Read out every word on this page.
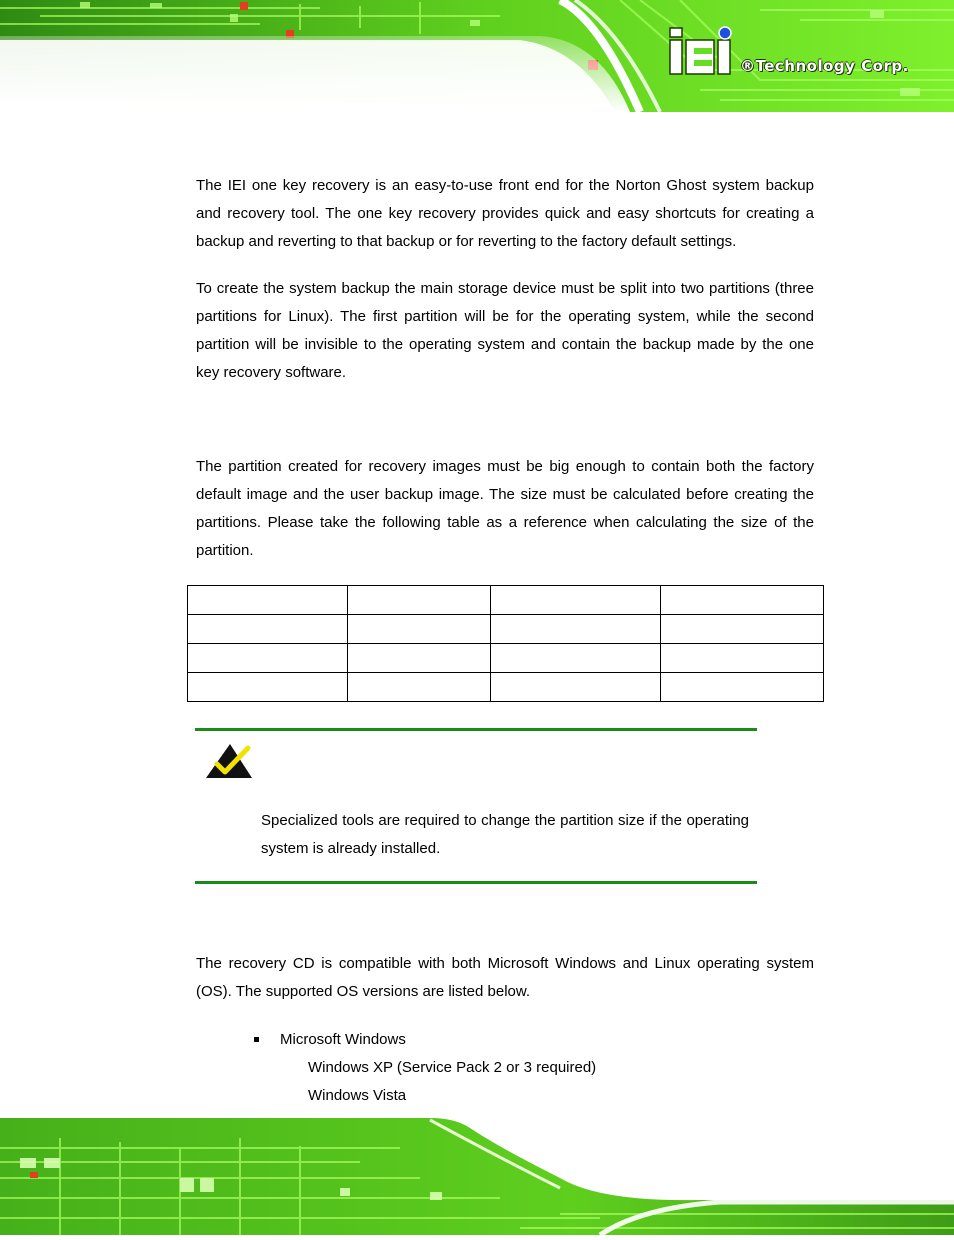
®Technology Corp.

The IEI one key recovery is an easy-to-use front end for the Norton Ghost system backup and recovery tool. The one key recovery provides quick and easy shortcuts for creating a backup and reverting to that backup or for reverting to the factory default settings.

To create the system backup the main storage device must be split into two partitions (three partitions for Linux). The first partition will be for the operating system, while the second partition will be invisible to the operating system and contain the backup made by the one key recovery software.

The partition created for recovery images must be big enough to contain both the factory default image and the user backup image. The size must be calculated before creating the partitions. Please take the following table as a reference when calculating the size of the partition.

Specialized tools are required to change the partition size if the operating system is already installed.

The recovery CD is compatible with both Microsoft Windows and Linux operating system (OS). The supported OS versions are listed below.

Microsoft Windows
Windows XP (Service Pack 2 or 3 required)
Windows Vista
